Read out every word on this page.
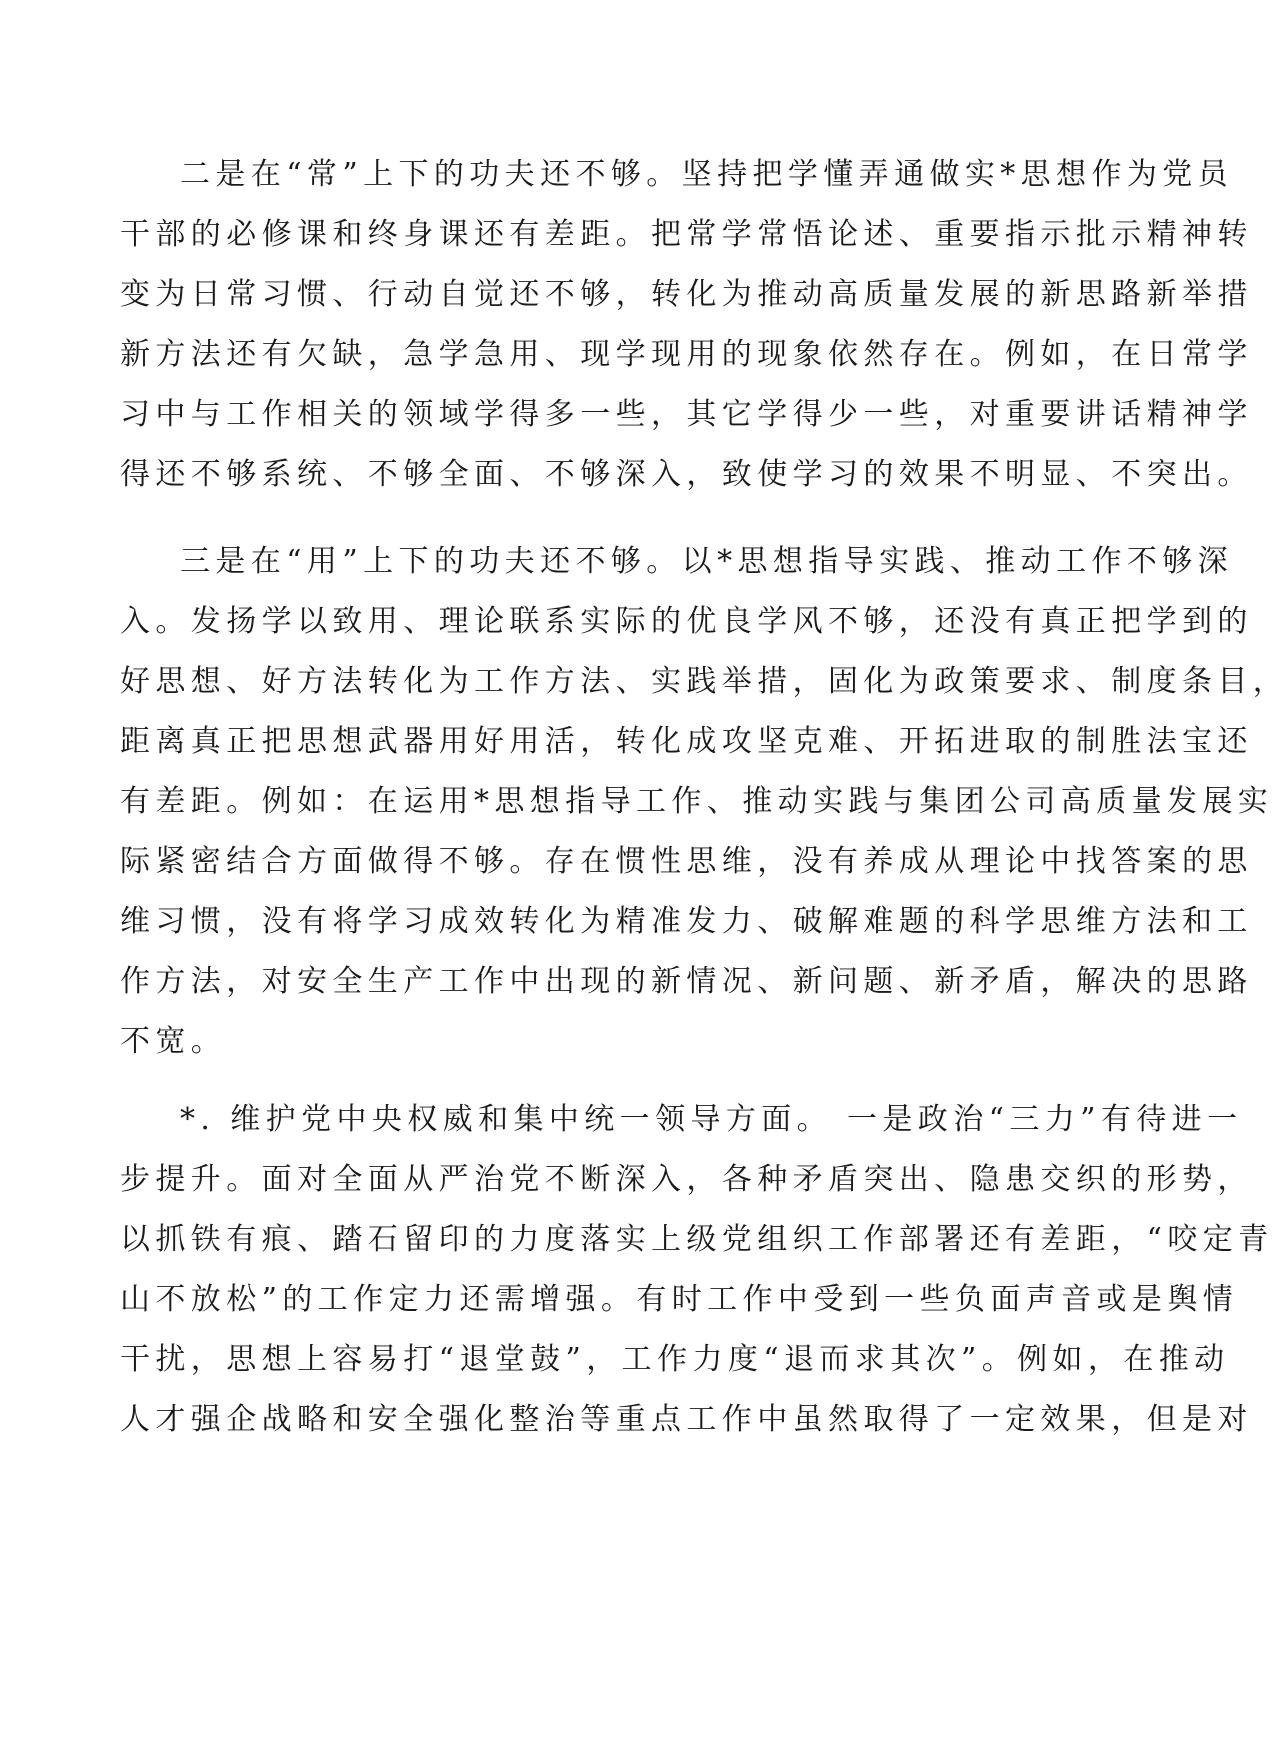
二是在“常”上下的功夫还不够。坚持把学懂弄通做实*思想作为党员
干部的必修课和终身课还有差距。把常学常悟论述、重要指示批示精神转
变为日常习惯、行动自觉还不够，转化为推动高质量发展的新思路新举措
新方法还有欠缺，急学急用、现学现用的现象依然存在。例如，在日常学
习中与工作相关的领域学得多一些，其它学得少一些，对重要讲话精神学
得还不够系统、不够全面、不够深入，致使学习的效果不明显、不突出。
三是在“用”上下的功夫还不够。以*思想指导实践、推动工作不够深
入。发扬学以致用、理论联系实际的优良学风不够，还没有真正把学到的
好思想、好方法转化为工作方法、实践举措，固化为政策要求、制度条目，
距离真正把思想武器用好用活，转化成攻坚克难、开拓进取的制胜法宝还
有差距。例如：在运用*思想指导工作、推动实践与集团公司高质量发展实
际紧密结合方面做得不够。存在惯性思维，没有养成从理论中找答案的思
维习惯，没有将学习成效转化为精准发力、破解难题的科学思维方法和工
作方法，对安全生产工作中出现的新情况、新问题、新矛盾，解决的思路
不宽。
*. 维护党中央权威和集中统一领导方面。 一是政治“三力”有待进一
步提升。面对全面从严治党不断深入，各种矛盾突出、隐患交织的形势，
以抓铁有痕、踏石留印的力度落实上级党组织工作部署还有差距，“咬定青
山不放松”的工作定力还需增强。有时工作中受到一些负面声音或是舆情
干扰，思想上容易打“退堂鼓”，工作力度“退而求其次”。例如，在推动
人才强企战略和安全强化整治等重点工作中虽然取得了一定效果，但是对
